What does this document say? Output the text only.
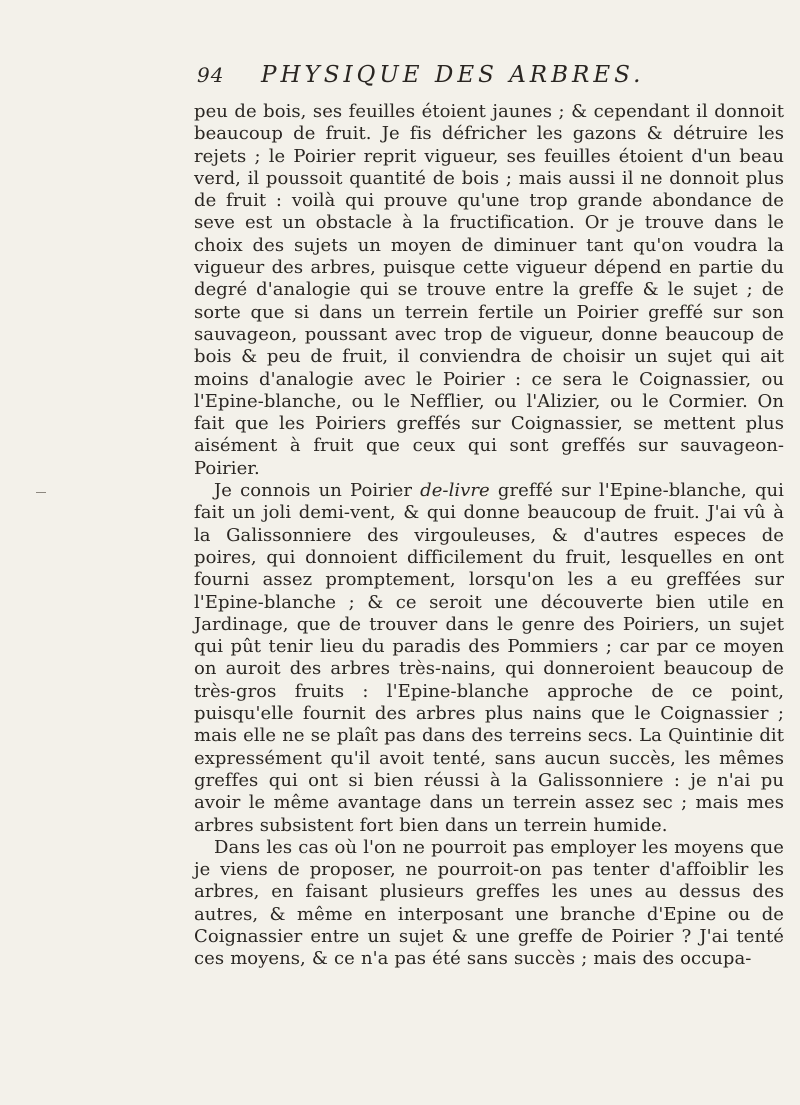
94	PHYSIQUE DES ARBRES.

peu de bois, ses feuilles étoient jaunes ; & cependant il donnoit beaucoup de fruit. Je fis défricher les gazons & détruire les rejets ; le Poirier reprit vigueur, ses feuilles étoient d'un beau verd, il poussoit quantité de bois ; mais aussi il ne donnoit plus de fruit : voilà qui prouve qu'une trop grande abondance de seve est un obstacle à la fructification. Or je trouve dans le choix des sujets un moyen de diminuer tant qu'on voudra la vigueur des arbres, puisque cette vigueur dépend en partie du degré d'analogie qui se trouve entre la greffe & le sujet ; de sorte que si dans un terrein fertile un Poirier greffé sur son sauvageon, poussant avec trop de vigueur, donne beaucoup de bois & peu de fruit, il conviendra de choisir un sujet qui ait moins d'analogie avec le Poirier : ce sera le Coignassier, ou l'Epine-blanche, ou le Nefflier, ou l'Alizier, ou le Cormier. On fait que les Poiriers greffés sur Coignassier, se mettent plus aisément à fruit que ceux qui sont greffés sur sauvageon-Poirier.

Je connois un Poirier de-livre greffé sur l'Epine-blanche, qui fait un joli demi-vent, & qui donne beaucoup de fruit. J'ai vû à la Galissonniere des virgouleuses, & d'autres especes de poires, qui donnoient difficilement du fruit, lesquelles en ont fourni assez promptement, lorsqu'on les a eu greffées sur l'Epine-blanche ; & ce seroit une découverte bien utile en Jardinage, que de trouver dans le genre des Poiriers, un sujet qui pût tenir lieu du paradis des Pommiers ; car par ce moyen on auroit des arbres très-nains, qui donneroient beaucoup de très-gros fruits : l'Epine-blanche approche de ce point, puisqu'elle fournit des arbres plus nains que le Coignassier ; mais elle ne se plaît pas dans des terreins secs. La Quintinie dit expressément qu'il avoit tenté, sans aucun succès, les mêmes greffes qui ont si bien réussi à la Galissonniere : je n'ai pu avoir le même avantage dans un terrein assez sec ; mais mes arbres subsistent fort bien dans un terrein humide.

Dans les cas où l'on ne pourroit pas employer les moyens que je viens de proposer, ne pourroit-on pas tenter d'affoiblir les arbres, en faisant plusieurs greffes les unes au dessus des autres, & même en interposant une branche d'Epine ou de Coignassier entre un sujet & une greffe de Poirier ? J'ai tenté ces moyens, & ce n'a pas été sans succès ; mais des occupa-
